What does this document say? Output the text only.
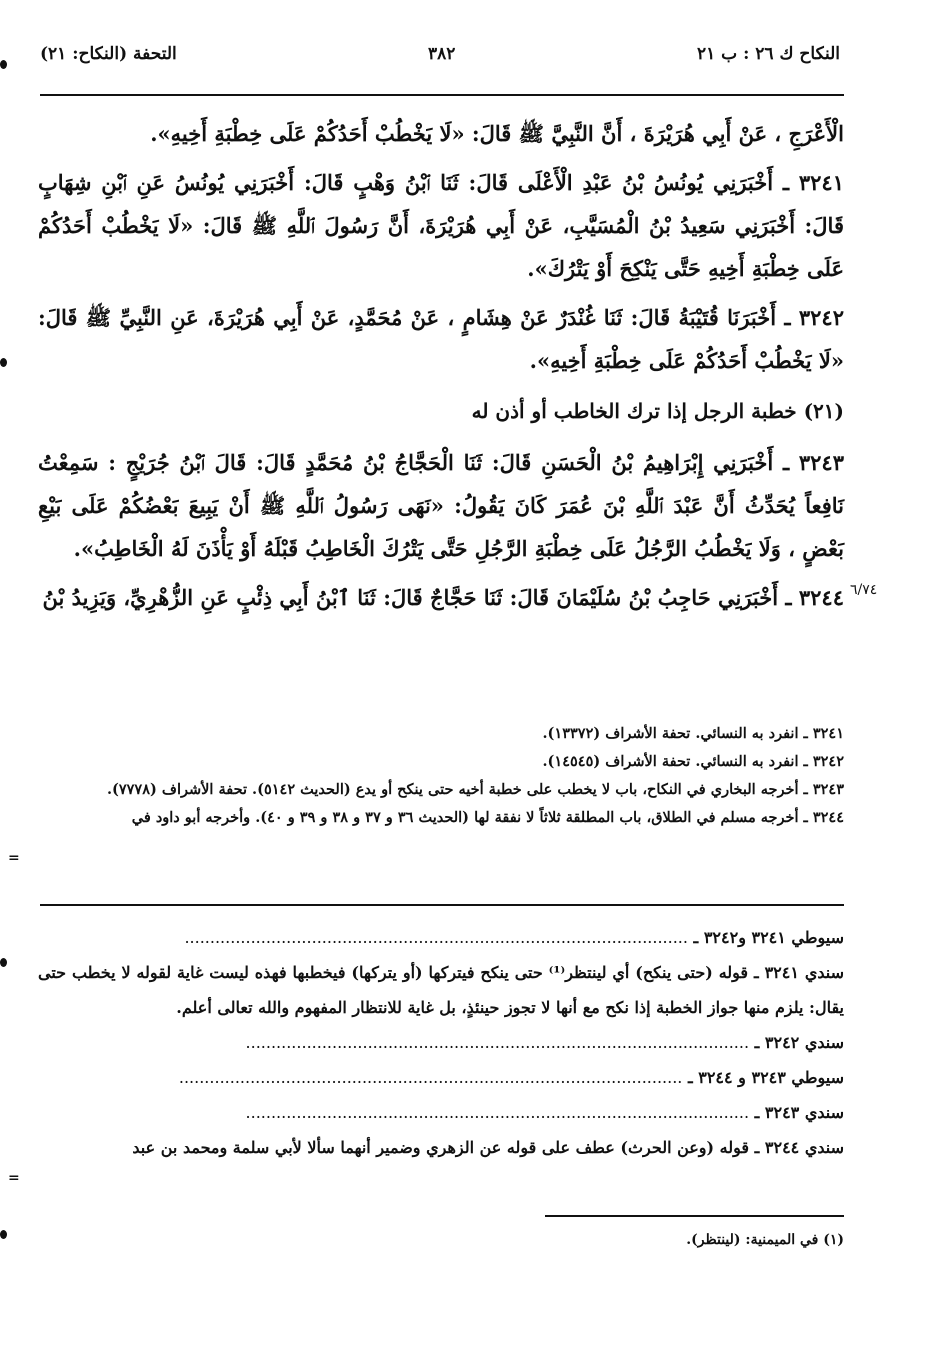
النكاح ك ٢٦ : ب ٢١
٣٨٢
التحفة (النكاح: ٢١)

الْأَعْرَجِ ، عَنْ أَبِي هُرَيْرَةَ ، أَنَّ النَّبِيَّ ﷺ قَالَ: «لَا يَخْطُبْ أَحَدُكُمْ عَلَى خِطْبَةِ أَخِيهِ».

٣٢٤١ ـ أَخْبَرَنِي يُونُسُ بْنُ عَبْدِ الْأَعْلَى قَالَ: ثَنَا ٱبْنُ وَهْبٍ قَالَ: أَخْبَرَنِي يُونُسُ عَنِ ٱبْنِ شِهَابٍ قَالَ: أَخْبَرَنِي سَعِيدُ بْنُ الْمُسَيَّبِ، عَنْ أَبِي هُرَيْرَةَ، أَنَّ رَسُولَ ٱللَّهِ ﷺ قَالَ: «لَا يَخْطُبْ أَحَدُكُمْ عَلَى خِطْبَةِ أَخِيهِ حَتَّى يَنْكِحَ أَوْ يَتْرُكَ».

٣٢٤٢ ـ أَخْبَرَنَا قُتَيْبَةُ قَالَ: ثَنَا غُنْدَرٌ عَنْ هِشَامٍ ، عَنْ مُحَمَّدٍ، عَنْ أَبِي هُرَيْرَةَ، عَنِ النَّبِيِّ ﷺ قَالَ: «لَا يَخْطُبْ أَحَدُكُمْ عَلَى خِطْبَةِ أَخِيهِ».

(٢١) خطبة الرجل إذا ترك الخاطب أو أذن له

٣٢٤٣ ـ أَخْبَرَنِي إِبْرَاهِيمُ بْنُ الْحَسَنِ قَالَ: ثَنَا الْحَجَّاجُ بْنُ مُحَمَّدٍ قَالَ: قَالَ ٱبْنُ جُرَيْجٍ : سَمِعْتُ نَافِعاً يُحَدِّثُ أَنَّ عَبْدَ ٱللَّهِ بْنَ عُمَرَ كَانَ يَقُولُ: «نَهَى رَسُولُ ٱللَّهِ ﷺ أَنْ يَبِيعَ بَعْضُكُمْ عَلَى بَيْعِ بَعْضٍ ، وَلَا يَخْطُبُ الرَّجُلُ عَلَى خِطْبَةِ الرَّجُلِ حَتَّى يَتْرُكَ الْخَاطِبُ قَبْلَهُ أَوْ يَأْذَنَ لَهُ الْخَاطِبُ».

٣٢٤٤ ـ أَخْبَرَنِي حَاجِبُ بْنُ سُلَيْمَانَ قَالَ: ثَنَا حَجَّاجٌ قَالَ: ثَنَا ٱبْنُ أَبِي ذِئْبٍ عَنِ الزُّهْرِيِّ، وَيَزِيدُ بْنُ ٦/٧٤

٣٢٤١ ـ انفرد به النسائي. تحفة الأشراف (١٣٣٧٢).

٣٢٤٢ ـ انفرد به النسائي. تحفة الأشراف (١٤٥٤٥).

٣٢٤٣ ـ أخرجه البخاري في النكاح، باب لا يخطب على خطبة أخيه حتى ينكح أو يدع (الحديث ٥١٤٢). تحفة الأشراف (٧٧٧٨).

٣٢٤٤ ـ أخرجه مسلم في الطلاق، باب المطلقة ثلاثاً لا نفقة لها (الحديث ٣٦ و ٣٧ و ٣٨ و ٣٩ و ٤٠). وأخرجه أبو داود في

سيوطي ٣٢٤١ و٣٢٤٢ ـ ...................................................................................................

سندي ٣٢٤١ ـ قوله (حتى ينكح) أي لينتظر⁽¹⁾ حتى ينكح فيتركها (أو يتركها) فيخطبها فهذه ليست غاية لقوله لا يخطب حتى يقال: يلزم منها جواز الخطبة إذا نكح مع أنها لا تجوز حينئذٍ، بل غاية للانتظار المفهوم والله تعالى أعلم.

سندي ٣٢٤٢ ـ ...................................................................................................

سيوطي ٣٢٤٣ و ٣٢٤٤ ـ ...................................................................................................

سندي ٣٢٤٣ ـ ...................................................................................................

سندي ٣٢٤٤ ـ قوله (وعن الحرث) عطف على قوله عن الزهري وضمير أنهما سألا لأبي سلمة ومحمد بن عبد

(١) في الميمنية: (لينتظر).
=
=
